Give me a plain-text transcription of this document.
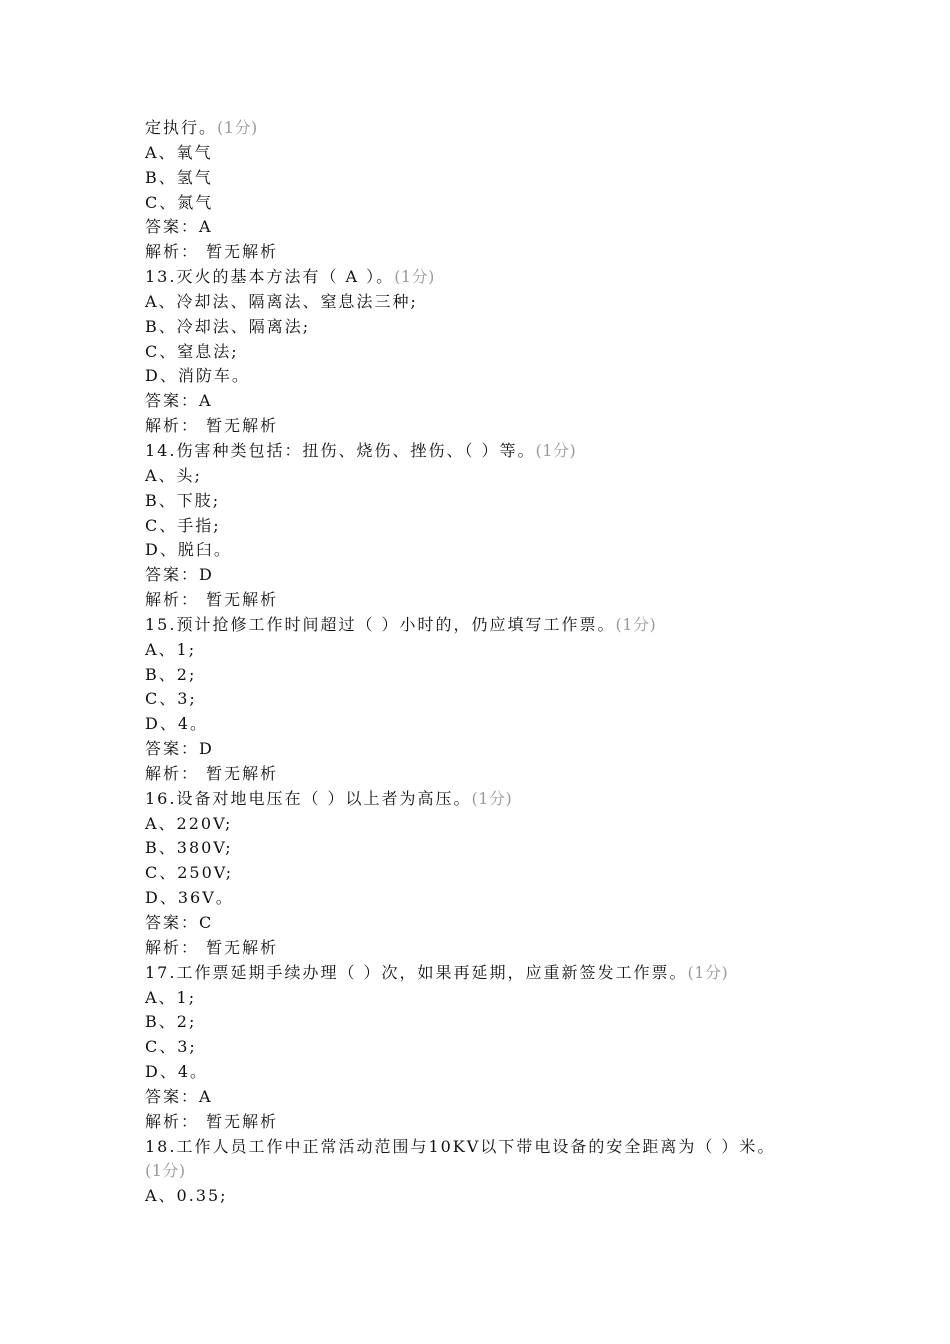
定执行。(1分)
A、氧气
B、氢气
C、氮气
答案：A
解析： 暂无解析
13.灭火的基本方法有（ A ）。(1分)
A、冷却法、隔离法、窒息法三种;
B、冷却法、隔离法;
C、窒息法;
D、消防车。
答案：A
解析： 暂无解析
14.伤害种类包括：扭伤、烧伤、挫伤、（ ）等。(1分)
A、头;
B、下肢;
C、手指;
D、脱臼。
答案：D
解析： 暂无解析
15.预计抢修工作时间超过（ ）小时的，仍应填写工作票。(1分)
A、1;
B、2;
C、3;
D、4。
答案：D
解析： 暂无解析
16.设备对地电压在（ ）以上者为高压。(1分)
A、220V;
B、380V;
C、250V;
D、36V。
答案：C
解析： 暂无解析
17.工作票延期手续办理（ ）次，如果再延期，应重新签发工作票。(1分)
A、1;
B、2;
C、3;
D、4。
答案：A
解析： 暂无解析
18.工作人员工作中正常活动范围与10KV以下带电设备的安全距离为（ ）米。
(1分)
A、0.35;
